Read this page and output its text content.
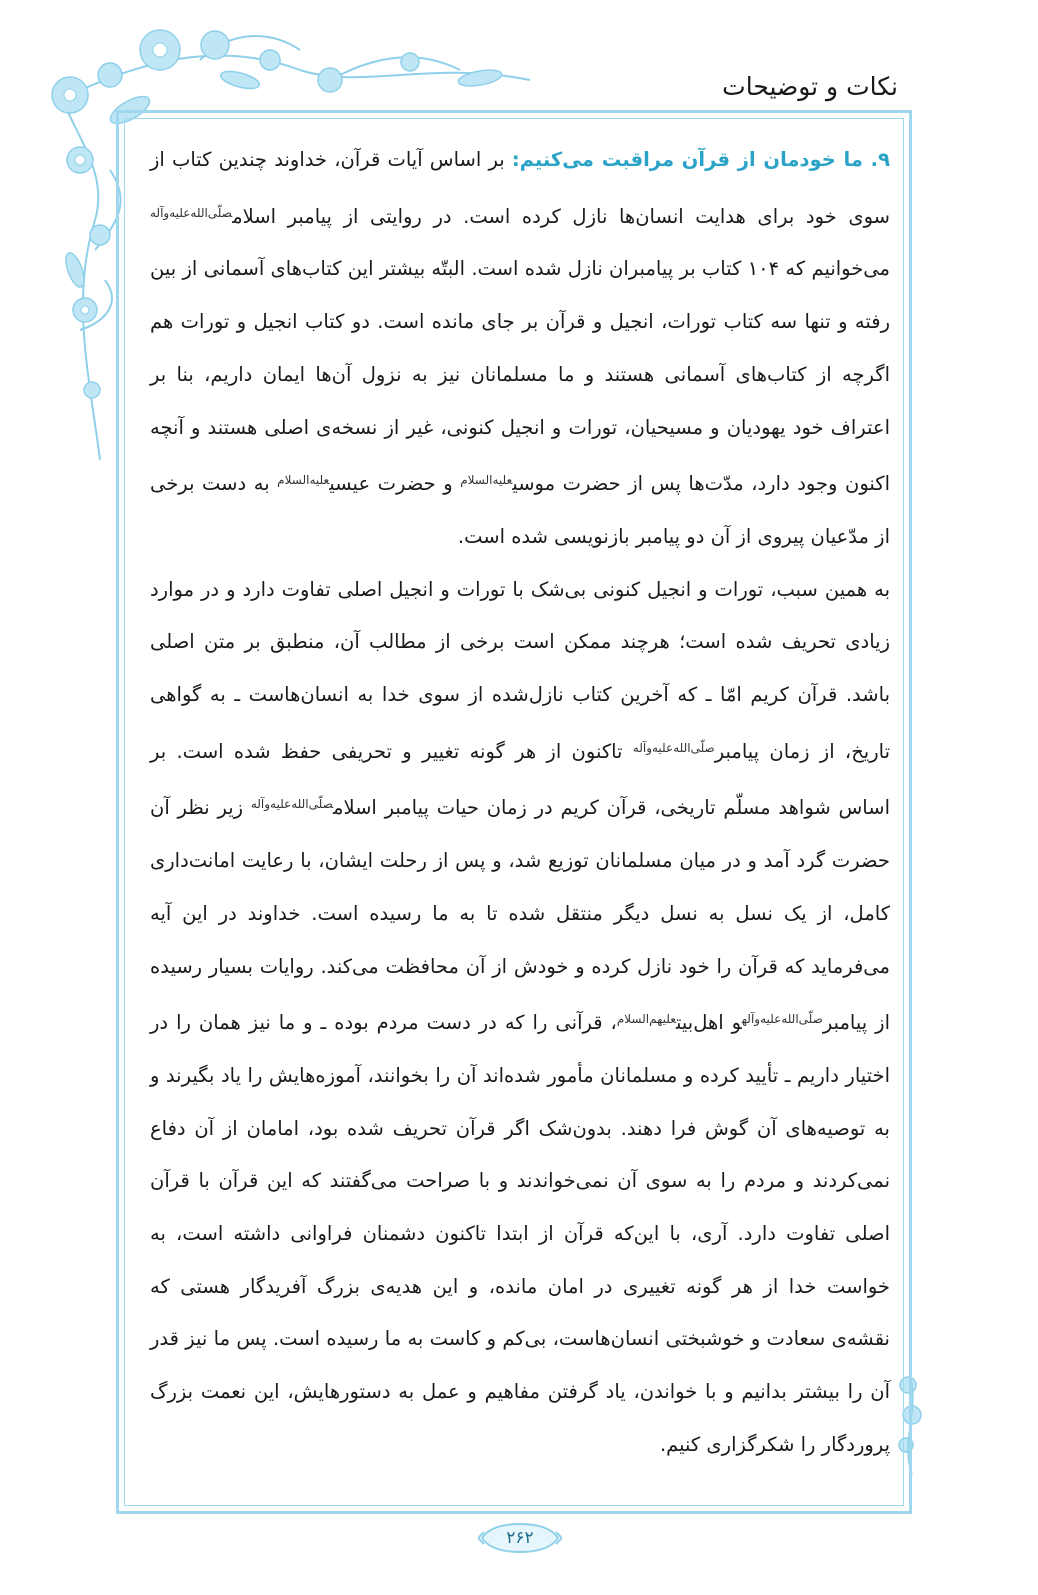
نکات و توضیحات

۹. ما خودمان از قرآن مراقبت می‌کنیم: بر اساس آیات قرآن، خداوند چندین کتاب از سوی خود برای هدایت انسان‌ها نازل کرده است. در روایتی از پیامبر اسلام$^{صلّی‌الله‌علیه‌وآله}$ می‌خوانیم که ۱۰۴ کتاب بر پیامبران نازل شده است. البتّه بیشتر این کتاب‌های آسمانی از بین رفته و تنها سه کتاب تورات، انجیل و قرآن بر جای مانده است. دو کتاب انجیل و تورات هم اگرچه از کتاب‌های آسمانی هستند و ما مسلمانان نیز به نزول آن‌ها ایمان داریم، بنا بر اعتراف خود یهودیان و مسیحیان، تورات و انجیل کنونی، غیر از نسخه‌ی اصلی هستند و آنچه اکنون وجود دارد، مدّت‌ها پس از حضرت موسی$^{علیه‌السلام}$ و حضرت عیسی$^{علیه‌السلام}$ به دست برخی از مدّعیان پیروی از آن دو پیامبر بازنویسی شده است.

به همین سبب، تورات و انجیل کنونی بی‌شک با تورات و انجیل اصلی تفاوت دارد و در موارد زیادی تحریف شده است؛ هرچند ممکن است برخی از مطالب آن، منطبق بر متن اصلی باشد. قرآن کریم امّا ـ که آخرین کتاب نازل‌شده از سوی خدا به انسان‌هاست ـ به گواهی تاریخ، از زمان پیامبر$^{صلّی‌الله‌علیه‌وآله}$ تاکنون از هر گونه تغییر و تحریفی حفظ شده است. بر اساس شواهد مسلّم تاریخی، قرآن کریم در زمان حیات پیامبر اسلام$^{صلّی‌الله‌علیه‌وآله}$ زیر نظر آن حضرت گرد آمد و در میان مسلمانان توزیع شد، و پس از رحلت ایشان، با رعایت امانت‌داری کامل، از یک نسل به نسل دیگر منتقل شده تا به ما رسیده است. خداوند در این آیه می‌فرماید که قرآن را خود نازل کرده و خودش از آن محافظت می‌کند. روایات بسیار رسیده از پیامبر$^{صلّی‌الله‌علیه‌وآله}$و اهل‌بیت$^{علیهم‌السلام}$، قرآنی را که در دست مردم بوده ـ و ما نیز همان را در اختیار داریم ـ تأیید کرده و مسلمانان مأمور شده‌اند آن را بخوانند، آموزه‌هایش را یاد بگیرند و به توصیه‌های آن گوش فرا دهند. بدون‌شک اگر قرآن تحریف شده بود، امامان از آن دفاع نمی‌کردند و مردم را به سوی آن نمی‌خواندند و با صراحت می‌گفتند که این قرآن با قرآن اصلی تفاوت دارد. آری، با این‌که قرآن از ابتدا تاکنون دشمنان فراوانی داشته است، به خواست خدا از هر گونه تغییری در امان مانده، و این هدیه‌ی بزرگ آفریدگار هستی که نقشه‌ی سعادت و خوشبختی انسان‌هاست، بی‌کم و کاست به ما رسیده است. پس ما نیز قدر آن را بیشتر بدانیم و با خواندن، یاد گرفتن مفاهیم و عمل به دستورهایش، این نعمت بزرگ پروردگار را شکرگزاری کنیم.

۲۶۲
